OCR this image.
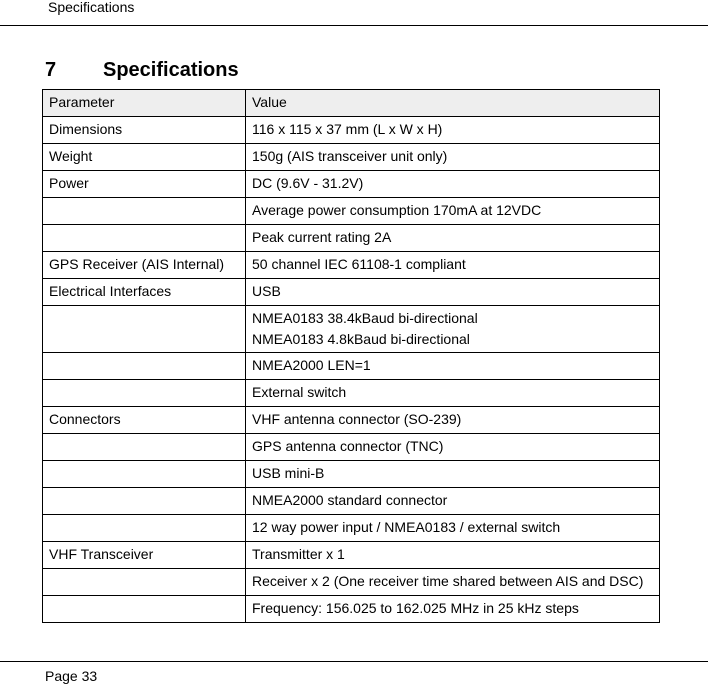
Specifications
7 Specifications
Parameter	Value
Dimensions	116 x 115 x 37 mm (L x W x H)

Weight	150g (AIS transceiver unit only)

Power	DC (9.6V - 31.2V)

	Average power consumption 170mA at 12VDC

	Peak current rating 2A

GPS Receiver (AIS Internal)	50 channel IEC 61108-1 compliant

Electrical Interfaces	USB

	NMEA0183 38.4kBaud bi-directional
NMEA0183 4.8kBaud bi-directional

	NMEA2000 LEN=1

	External switch

Connectors	VHF antenna connector (SO-239)

	GPS antenna connector (TNC)

	USB mini-B

	NMEA2000 standard connector

	12 way power input / NMEA0183 / external switch

VHF Transceiver	Transmitter x 1

	Receiver x 2 (One receiver time shared between AIS and DSC)

	Frequency: 156.025 to 162.025 MHz in 25 kHz steps
Page 33
